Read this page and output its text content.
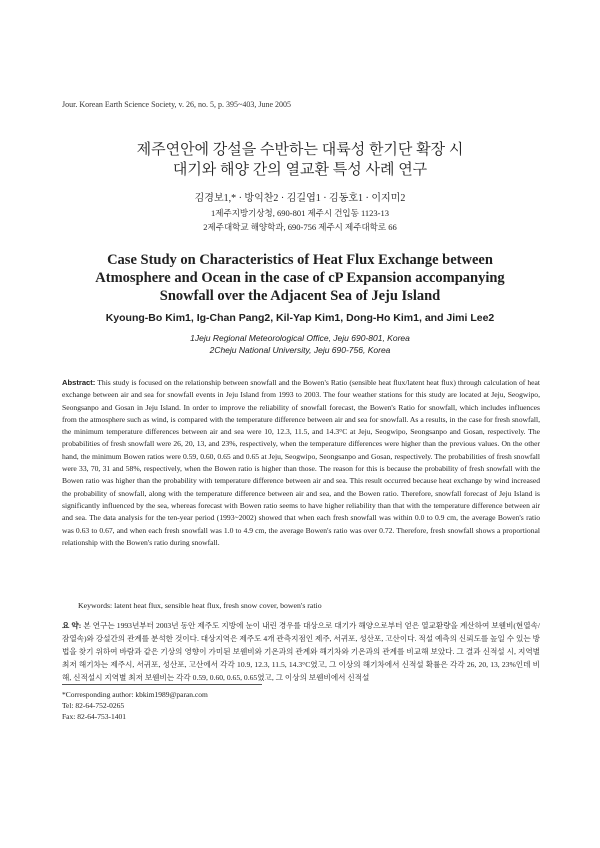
Jour. Korean Earth Science Society, v. 26, no. 5, p. 395~403, June 2005
제주연안에 강설을 수반하는 대륙성 한기단 확장 시
대기와 해양 간의 열교환 특성 사례 연구
김경보1,* · 방익찬2 · 김길엽1 · 김동호1 · 이지미2
1제주지방기상청, 690-801 제주시 건입동 1123-13
2제주대학교 해양학과, 690-756 제주시 제주대학로 66
Case Study on Characteristics of Heat Flux Exchange between
Atmosphere and Ocean in the case of cP Expansion accompanying
Snowfall over the Adjacent Sea of Jeju Island
Kyoung-Bo Kim1, Ig-Chan Pang2, Kil-Yap Kim1, Dong-Ho Kim1, and Jimi Lee2
1Jeju Regional Meteorological Office, Jeju 690-801, Korea
2Cheju National University, Jeju 690-756, Korea

Abstract: This study is focused on the relationship between snowfall and the Bowen's Ratio (sensible heat flux/latent heat flux) through calculation of heat exchange between air and sea for snowfall events in Jeju Island from 1993 to 2003. The four weather stations for this study are located at Jeju, Seogwipo, Seongsanpo and Gosan in Jeju Island. In order to improve the reliability of snowfall forecast, the Bowen's Ratio for snowfall, which includes influences from the atmosphere such as wind, is compared with the temperature difference between air and sea for snowfall. As a results, in the case for fresh snowfall, the minimum temperature differences between air and sea were 10, 12.3, 11.5, and 14.3°C at Jeju, Seogwipo, Seongsanpo and Gosan, respectively. The probabilities of fresh snowfall were 26, 20, 13, and 23%, respectively, when the temperature differences were higher than the previous values. On the other hand, the minimum Bowen ratios were 0.59, 0.60, 0.65 and 0.65 at Jeju, Seogwipo, Seongsanpo and Gosan, respectively. The probabilities of fresh snowfall were 33, 70, 31 and 58%, respectively, when the Bowen ratio is higher than those. The reason for this is because the probability of fresh snowfall with the Bowen ratio was higher than the probability with temperature difference between air and sea. This result occurred because heat exchange by wind increased the probability of snowfall, along with the temperature difference between air and sea, and the Bowen ratio. Therefore, snowfall forecast of Jeju Island is significantly influenced by the sea, whereas forecast with Bowen ratio seems to have higher reliability than that with the temperature difference between air and sea. The data analysis for the ten-year period (1993~2002) showed that when each fresh snowfall was within 0.0 to 0.9 cm, the average Bowen's ratio was 0.63 to 0.67, and when each fresh snowfall was 1.0 to 4.9 cm, the average Bowen's ratio was over 0.72. Therefore, fresh snowfall shows a proportional relationship with the Bowen's ratio during snowfall.

Keywords: latent heat flux, sensible heat flux, fresh snow cover, bowen's ratio

요 약: 본 연구는 1993년부터 2003년 동안 제주도 지방에 눈이 내린 경우를 대상으로 대기가 해양으로부터 얻은 열교환량을 계산하여 보웬비(현열속/잠열속)와 강설간의 관계를 분석한 것이다. 대상지역은 제주도 4개 관측지점인 제주, 서귀포, 성산포, 고산이다. 적설 예측의 신뢰도를 높일 수 있는 방법을 찾기 위하여 바람과 같은 기상의 영향이 가미된 보웬비와 기온과의 관계와 해기차와 기온과의 관계를 비교해 보았다. 그 결과 신적설 시, 지역별 최저 해기차는 제주시, 서귀포, 성산포, 고산에서 각각 10.9, 12.3, 11.5, 14.3°C였고, 그 이상의 해기차에서 신적설 확률은 각각 26, 20, 13, 23%인데 비해, 신적설시 지역별 최저 보웬비는 각각 0.59, 0.60, 0.65, 0.65였고, 그 이상의 보웬비에서 신적설

*Corresponding author: kbkim1989@paran.com
Tel: 82-64-752-0265
Fax: 82-64-753-1401
